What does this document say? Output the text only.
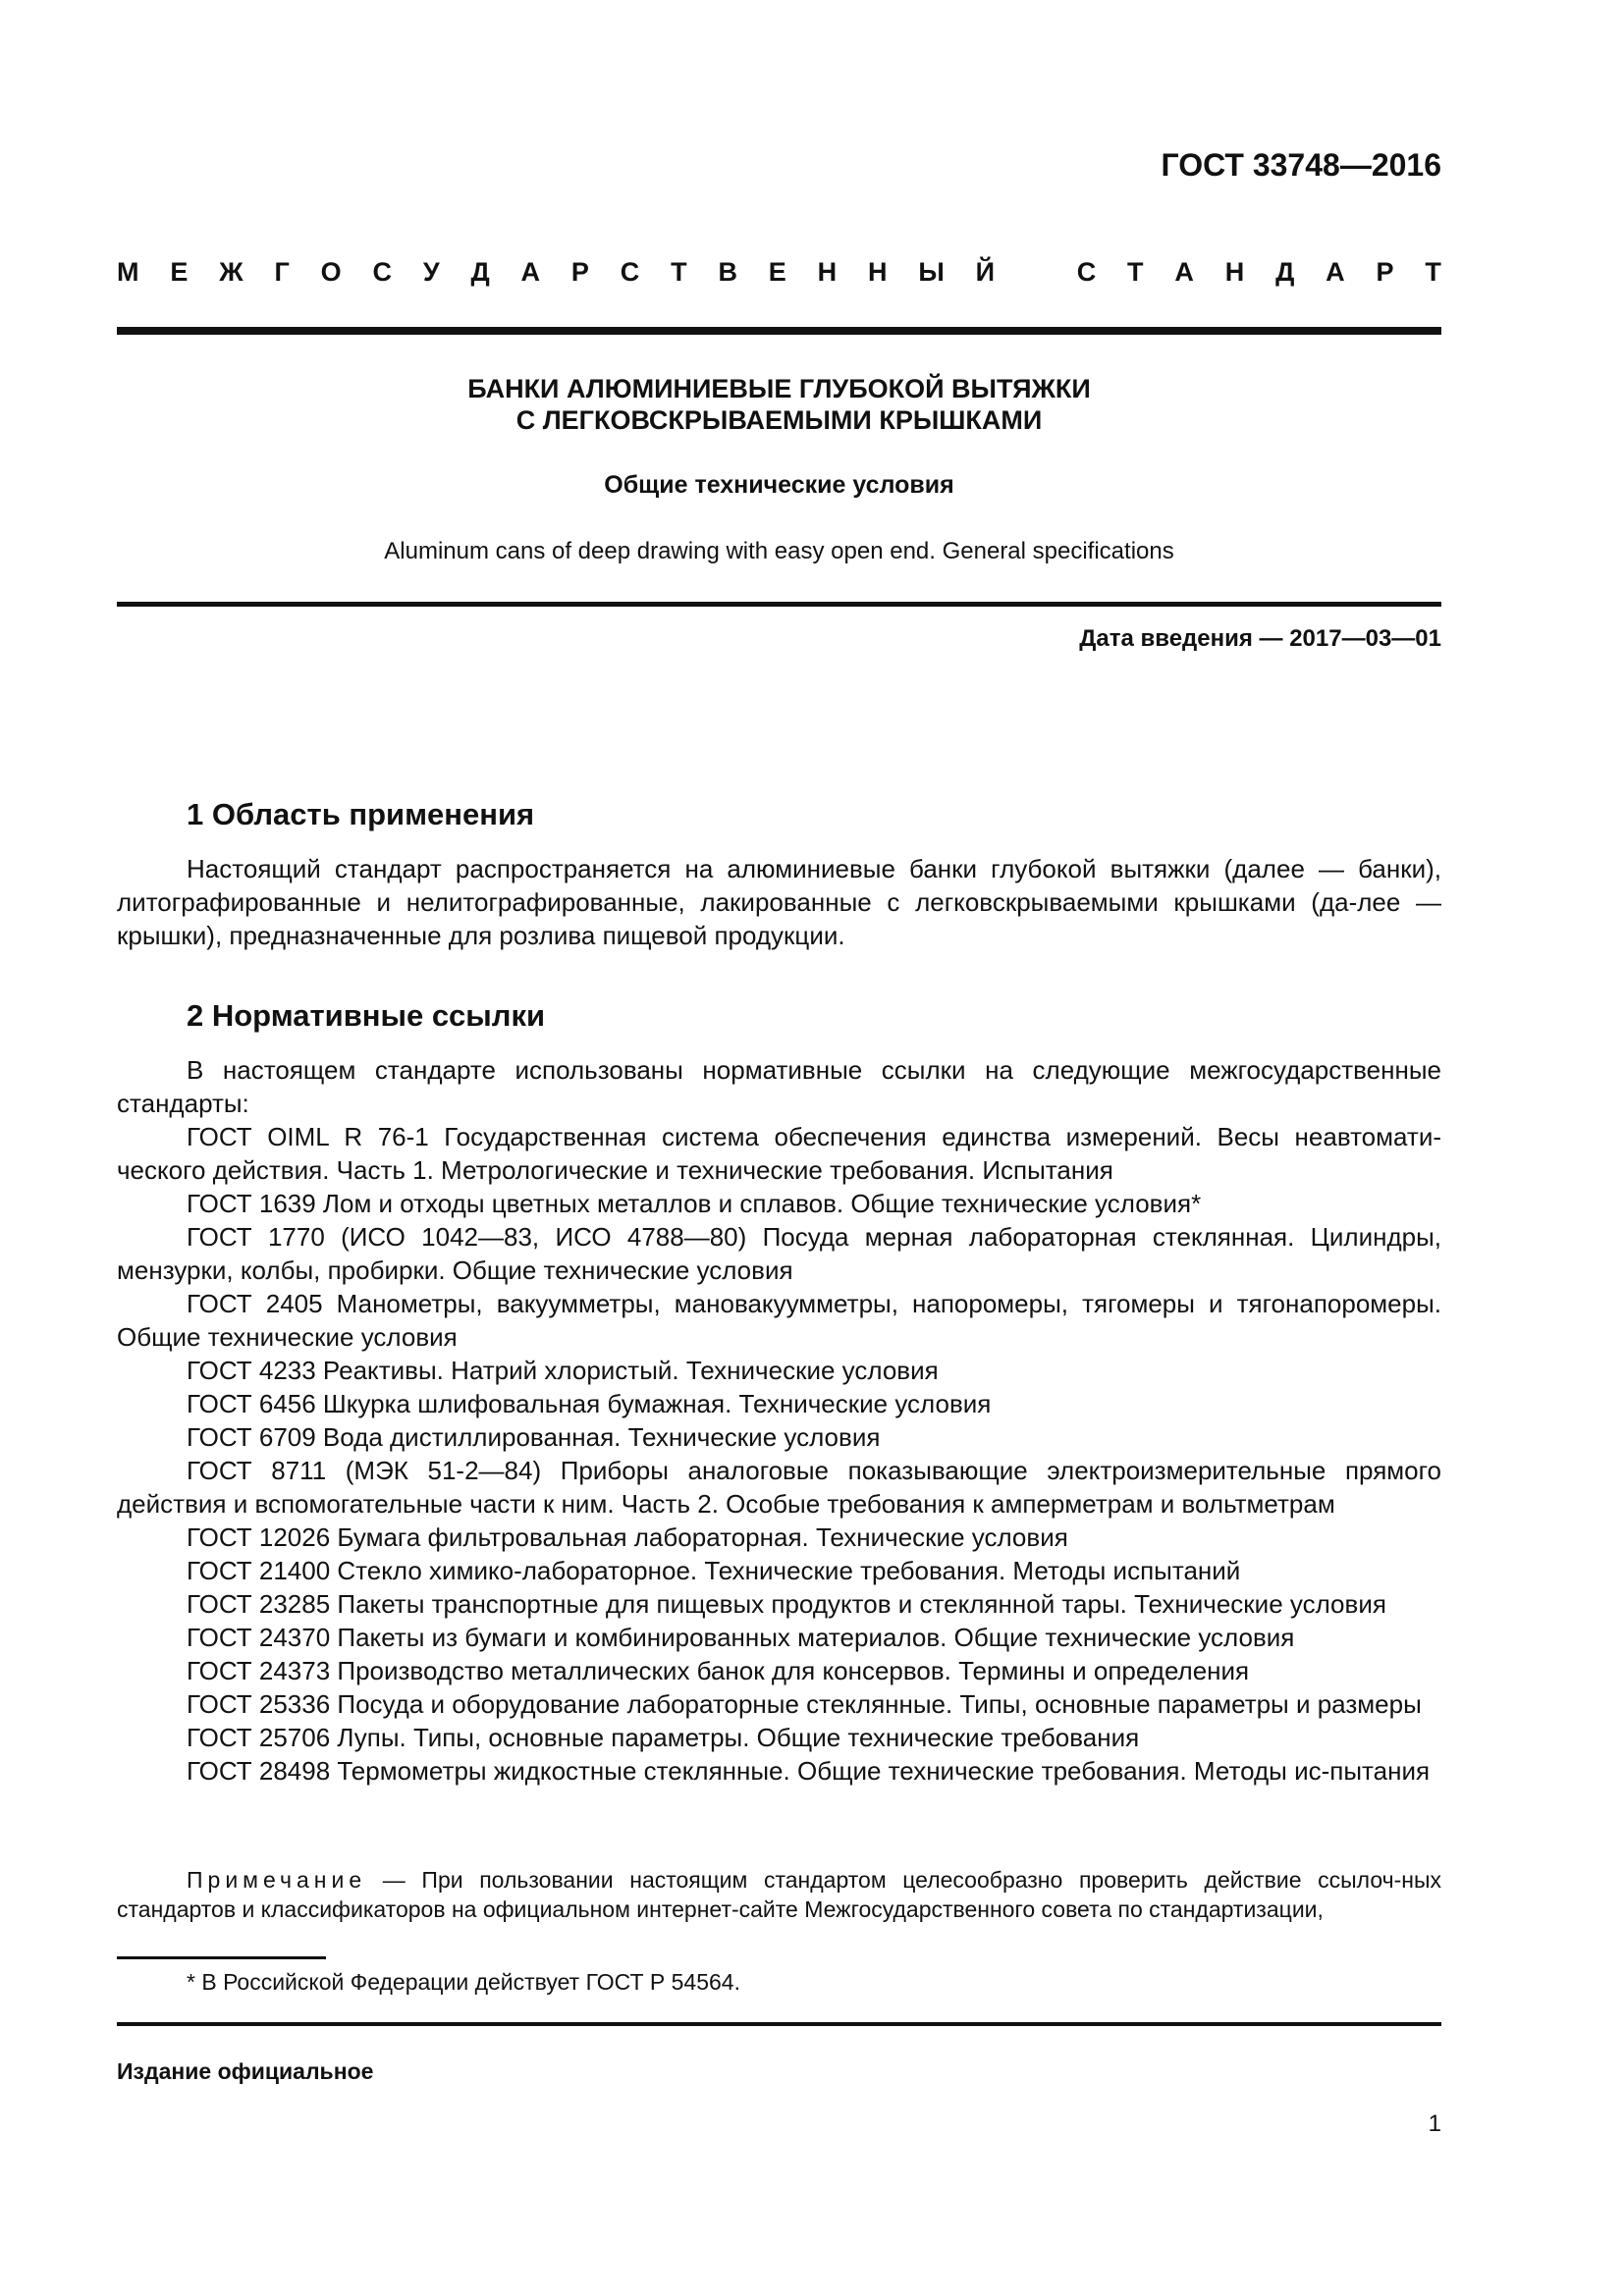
ГОСТ 33748—2016
М Е Ж Г О С У Д А Р С Т В Е Н Н Ы Й	С Т А Н Д А Р Т
БАНКИ АЛЮМИНИЕВЫЕ ГЛУБОКОЙ ВЫТЯЖКИ
С ЛЕГКОВСКРЫВАЕМЫМИ КРЫШКАМИ
Общие технические условия
Aluminum cans of deep drawing with easy open end. General specifications
Дата введения — 2017—03—01
1 Область применения

Настоящий стандарт распространяется на алюминиевые банки глубокой вытяжки (далее — банки), литографированные и нелитографированные, лакированные с легковскрываемыми крышками (да-лее — крышки), предназначенные для розлива пищевой продукции.

2 Нормативные ссылки

В настоящем стандарте использованы нормативные ссылки на следующие межгосударственные стандарты:

ГОСТ OIML R 76-1 Государственная система обеспечения единства измерений. Весы неавтомати-ческого действия. Часть 1. Метрологические и технические требования. Испытания

ГОСТ 1639 Лом и отходы цветных металлов и сплавов. Общие технические условия*

ГОСТ 1770 (ИСО 1042—83, ИСО 4788—80) Посуда мерная лабораторная стеклянная. Цилиндры, мензурки, колбы, пробирки. Общие технические условия

ГОСТ 2405 Манометры, вакуумметры, мановакуумметры, напоромеры, тягомеры и тягонапоромеры. Общие технические условия

ГОСТ 4233 Реактивы. Натрий хлористый. Технические условия

ГОСТ 6456 Шкурка шлифовальная бумажная. Технические условия

ГОСТ 6709 Вода дистиллированная. Технические условия

ГОСТ 8711 (МЭК 51-2—84) Приборы аналоговые показывающие электроизмерительные прямого действия и вспомогательные части к ним. Часть 2. Особые требования к амперметрам и вольтметрам

ГОСТ 12026 Бумага фильтровальная лабораторная. Технические условия

ГОСТ 21400 Стекло химико-лабораторное. Технические требования. Методы испытаний

ГОСТ 23285 Пакеты транспортные для пищевых продуктов и стеклянной тары. Технические условия

ГОСТ 24370 Пакеты из бумаги и комбинированных материалов. Общие технические условия

ГОСТ 24373 Производство металлических банок для консервов. Термины и определения

ГОСТ 25336 Посуда и оборудование лабораторные стеклянные. Типы, основные параметры и размеры

ГОСТ 25706 Лупы. Типы, основные параметры. Общие технические требования

ГОСТ 28498 Термометры жидкостные стеклянные. Общие технические требования. Методы ис-пытания

Примечание — При пользовании настоящим стандартом целесообразно проверить действие ссылоч-ных стандартов и классификаторов на официальном интернет-сайте Межгосударственного совета по стандартизации,
* В Российской Федерации действует ГОСТ Р 54564.
Издание официальное
1
